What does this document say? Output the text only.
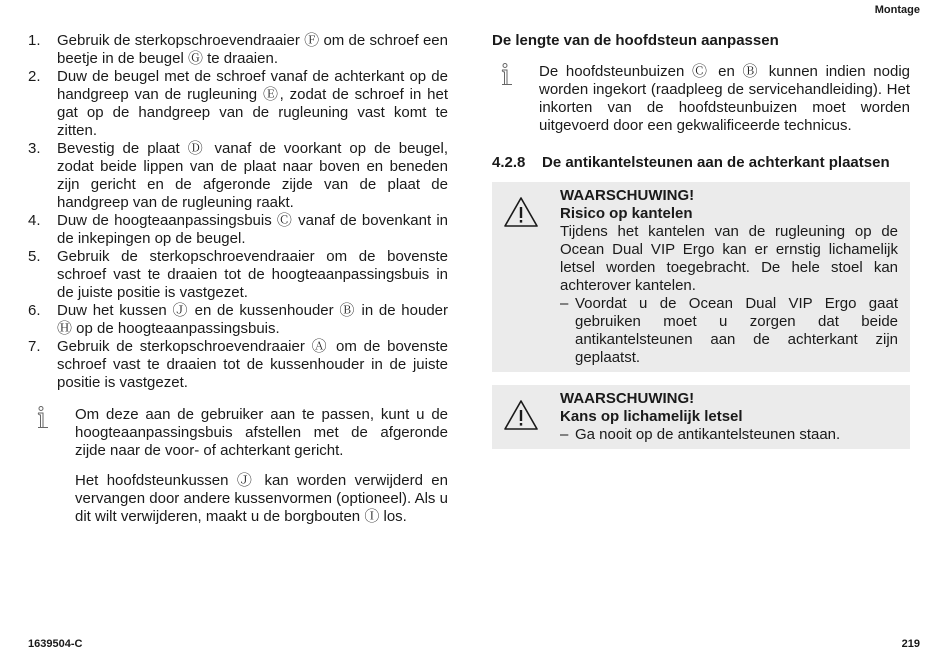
Montage
1.	Gebruik de sterkopschroevendraaier Ⓕ om de schroef een beetje in de beugel Ⓖ te draaien.
2.	Duw de beugel met de schroef vanaf de achterkant op de handgreep van de rugleuning Ⓔ, zodat de schroef in het gat op de handgreep van de rugleuning vast komt te zitten.
3.	Bevestig de plaat Ⓓ vanaf de voorkant op de beugel, zodat beide lippen van de plaat naar boven en beneden zijn gericht en de afgeronde zijde van de plaat de handgreep van de rugleuning raakt.
4.	Duw de hoogteaanpassingsbuis Ⓒ vanaf de bovenkant in de inkepingen op de beugel.
5.	Gebruik de sterkopschroevendraaier om de bovenste schroef vast te draaien tot de hoogteaanpassingsbuis in de juiste positie is vastgezet.
6.	Duw het kussen Ⓙ en de kussenhouder Ⓑ in de houder Ⓗ op de hoogteaanpassingsbuis.
7.	Gebruik de sterkopschroevendraaier Ⓐ om de bovenste schroef vast te draaien tot de kussenhouder in de juiste positie is vastgezet.

Om deze aan de gebruiker aan te passen, kunt u de hoogteaanpassingsbuis afstellen met de afgeronde zijde naar de voor- of achterkant gericht.

Het hoofdsteunkussen Ⓙ kan worden verwijderd en vervangen door andere kussenvormen (optioneel). Als u dit wilt verwijderen, maakt u de borgbouten Ⓘ los.

De lengte van de hoofdsteun aanpassen

De hoofdsteunbuizen Ⓒ en Ⓑ kunnen indien nodig worden ingekort (raadpleeg de servicehandleiding). Het inkorten van de hoofdsteunbuizen moet worden uitgevoerd door een gekwalificeerde technicus.
4.2.8	De antikantelsteunen aan de achterkant plaatsen
WAARSCHUWING!
Risico op kantelen
Tijdens het kantelen van de rugleuning op de Ocean Dual VIP Ergo kan er ernstig lichamelijk letsel worden toegebracht. De hele stoel kan achterover kantelen.
– Voordat u de Ocean Dual VIP Ergo gaat gebruiken moet u zorgen dat beide antikantelsteunen aan de achterkant zijn geplaatst.
WAARSCHUWING!
Kans op lichamelijk letsel
– Ga nooit op de antikantelsteunen staan.
1639504-C	219
